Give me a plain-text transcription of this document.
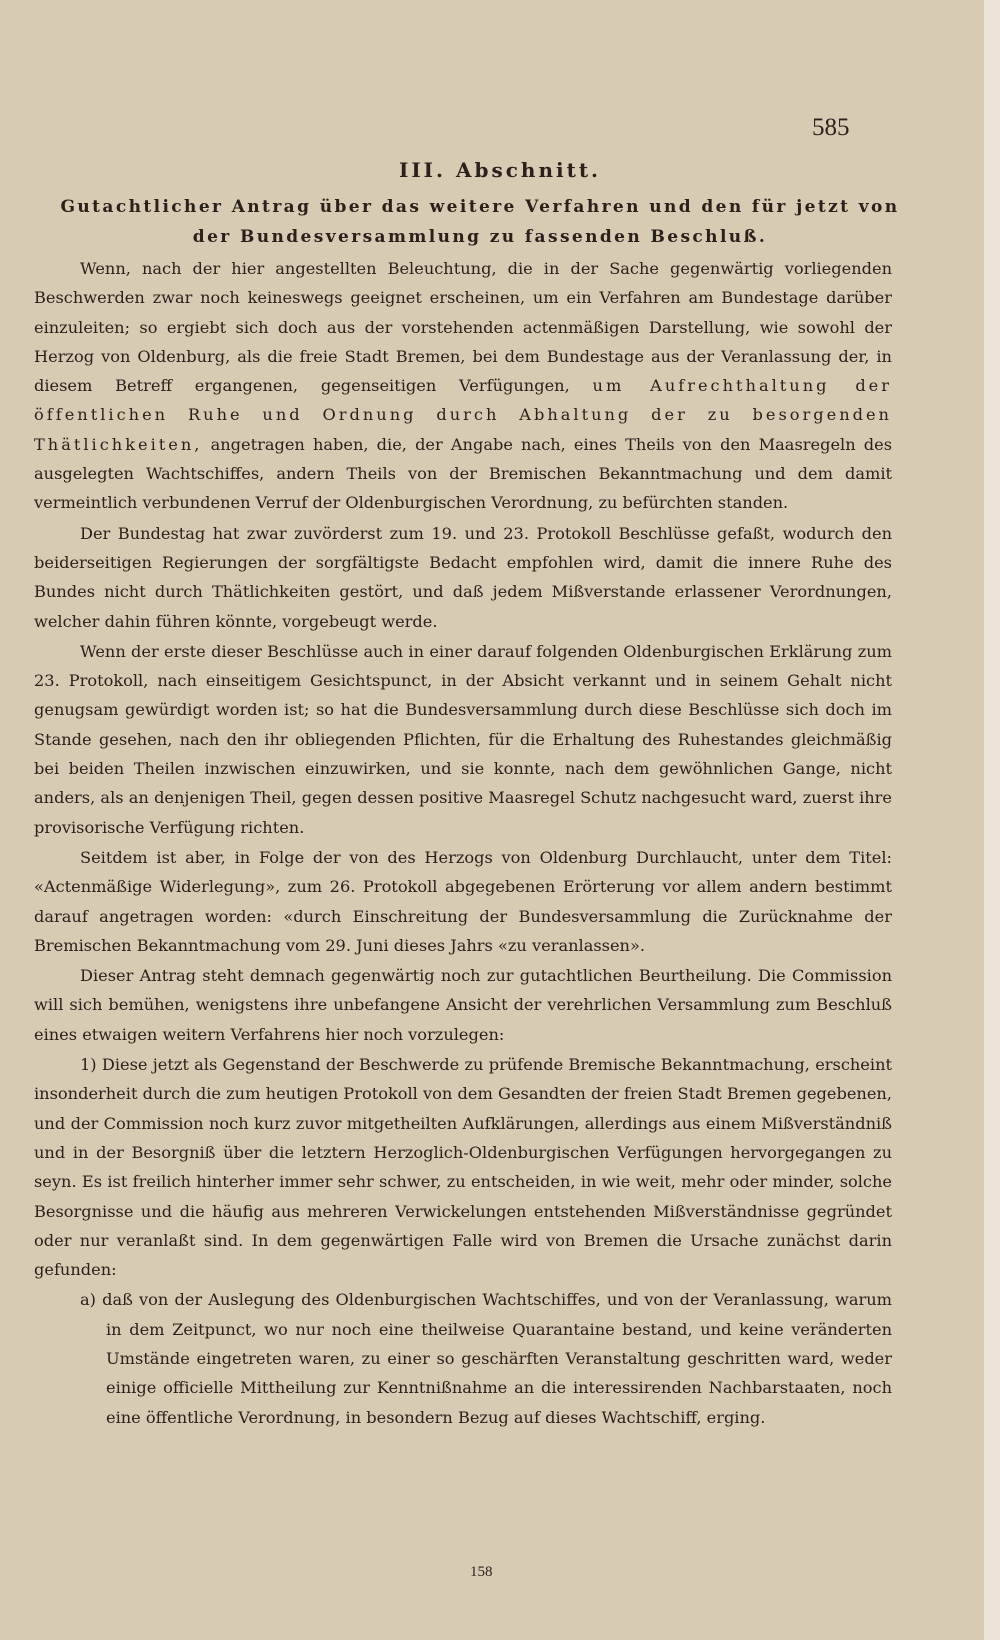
585
III. Abschnitt.
Gutachtlicher Antrag über das weitere Verfahren und den für jetzt von
der Bundesversammlung zu fassenden Beschluß.

Wenn, nach der hier angestellten Beleuchtung, die in der Sache gegenwärtig vorliegenden Beschwerden zwar noch keineswegs geeignet erscheinen, um ein Verfahren am Bundestage darüber einzuleiten; so ergiebt sich doch aus der vorstehenden actenmäßigen Darstellung, wie sowohl der Herzog von Oldenburg, als die freie Stadt Bremen, bei dem Bundestage aus der Veranlassung der, in diesem Betreff ergangenen, gegenseitigen Verfügungen, um Aufrechthaltung der öffentlichen Ruhe und Ordnung durch Abhaltung der zu besorgenden Thätlichkeiten, angetragen haben, die, der Angabe nach, eines Theils von den Maasregeln des ausgelegten Wachtschiffes, andern Theils von der Bremischen Bekanntmachung und dem damit vermeintlich verbundenen Verruf der Oldenburgischen Verordnung, zu befürchten standen.

Der Bundestag hat zwar zuvörderst zum 19. und 23. Protokoll Beschlüsse gefaßt, wodurch den beiderseitigen Regierungen der sorgfältigste Bedacht empfohlen wird, damit die innere Ruhe des Bundes nicht durch Thätlichkeiten gestört, und daß jedem Mißverstande erlassener Verordnungen, welcher dahin führen könnte, vorgebeugt werde.

Wenn der erste dieser Beschlüsse auch in einer darauf folgenden Oldenburgischen Erklärung zum 23. Protokoll, nach einseitigem Gesichtspunct, in der Absicht verkannt und in seinem Gehalt nicht genugsam gewürdigt worden ist; so hat die Bundesversammlung durch diese Beschlüsse sich doch im Stande gesehen, nach den ihr obliegenden Pflichten, für die Erhaltung des Ruhestandes gleichmäßig bei beiden Theilen inzwischen einzuwirken, und sie konnte, nach dem gewöhnlichen Gange, nicht anders, als an denjenigen Theil, gegen dessen positive Maasregel Schutz nachgesucht ward, zuerst ihre provisorische Verfügung richten.

Seitdem ist aber, in Folge der von des Herzogs von Oldenburg Durchlaucht, unter dem Titel: «Actenmäßige Widerlegung», zum 26. Protokoll abgegebenen Erörterung vor allem andern bestimmt darauf angetragen worden: «durch Einschreitung der Bundesversammlung die Zurücknahme der Bremischen Bekanntmachung vom 29. Juni dieses Jahrs «zu veranlassen».

Dieser Antrag steht demnach gegenwärtig noch zur gutachtlichen Beurtheilung. Die Commission will sich bemühen, wenigstens ihre unbefangene Ansicht der verehrlichen Versammlung zum Beschluß eines etwaigen weitern Verfahrens hier noch vorzulegen:

1) Diese jetzt als Gegenstand der Beschwerde zu prüfende Bremische Bekanntmachung, erscheint insonderheit durch die zum heutigen Protokoll von dem Gesandten der freien Stadt Bremen gegebenen, und der Commission noch kurz zuvor mitgetheilten Aufklärungen, allerdings aus einem Mißverständniß und in der Besorgniß über die letztern Herzoglich-Oldenburgischen Verfügungen hervorgegangen zu seyn. Es ist freilich hinterher immer sehr schwer, zu entscheiden, in wie weit, mehr oder minder, solche Besorgnisse und die häufig aus mehreren Verwickelungen entstehenden Mißverständnisse gegründet oder nur veranlaßt sind. In dem gegenwärtigen Falle wird von Bremen die Ursache zunächst darin gefunden:

a) daß von der Auslegung des Oldenburgischen Wachtschiffes, und von der Veranlassung, warum in dem Zeitpunct, wo nur noch eine theilweise Quarantaine bestand, und keine veränderten Umstände eingetreten waren, zu einer so geschärften Veranstaltung geschritten ward, weder einige officielle Mittheilung zur Kenntnißnahme an die interessirenden Nachbarstaaten, noch eine öffentliche Verordnung, in besondern Bezug auf dieses Wachtschiff, erging.

158
